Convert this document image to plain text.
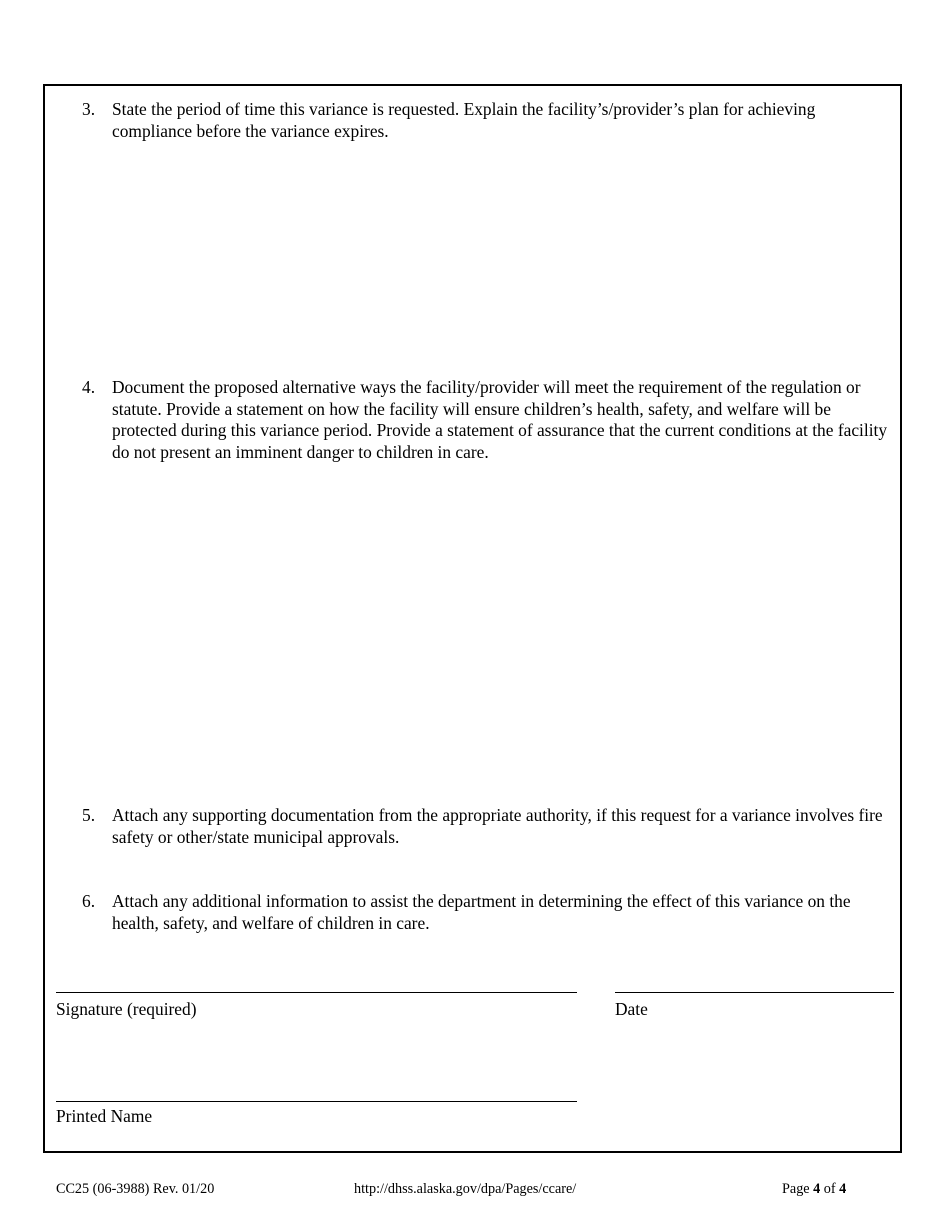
3. State the period of time this variance is requested. Explain the facility’s/provider’s plan for achieving compliance before the variance expires.
4. Document the proposed alternative ways the facility/provider will meet the requirement of the regulation or statute. Provide a statement on how the facility will ensure children’s health, safety, and welfare will be protected during this variance period. Provide a statement of assurance that the current conditions at the facility do not present an imminent danger to children in care.
5. Attach any supporting documentation from the appropriate authority, if this request for a variance involves fire safety or other/state municipal approvals.
6. Attach any additional information to assist the department in determining the effect of this variance on the health, safety, and welfare of children in care.
Signature (required)	Date
Printed Name
CC25 (06-3988) Rev. 01/20	http://dhss.alaska.gov/dpa/Pages/ccare/	Page 4 of 4
